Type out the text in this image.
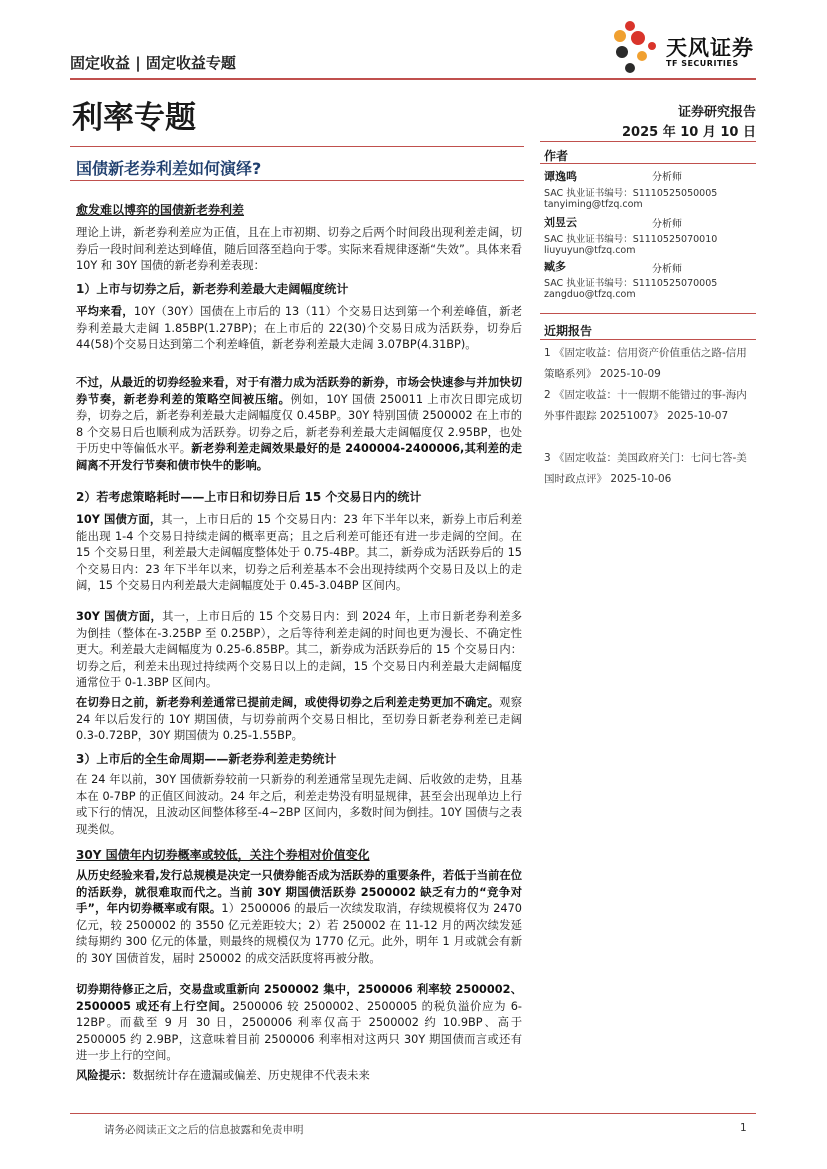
固定收益 | 固定收益专题
天风证券
TF SECURITIES
利率专题	证券研究报告
2025 年 10 月 10 日
国债新老券利差如何演绎?
作者
谭逸鸣	分析师
SAC 执业证书编号：S1110525050005
tanyiming@tfzq.com
刘昱云	分析师
SAC 执业证书编号：S1110525070010
liuyuyun@tfzq.com
臧多	分析师
SAC 执业证书编号：S1110525070005
zangduo@tfzq.com
近期报告
1 《固定收益：信用资产价值重估之路-信用策略系列》 2025-10-09
2 《固定收益：十一假期不能错过的事-海内外事件跟踪 20251007》 2025-10-07
3 《固定收益：美国政府关门：七问七答-美国时政点评》 2025-10-06
愈发难以博弈的国债新老券利差
理论上讲，新老券利差应为正值，且在上市初期、切券之后两个时间段出现利差走阔，切券后一段时间利差达到峰值，随后回落至趋向于零。实际来看规律逐渐“失效”。具体来看 10Y 和 30Y 国债的新老券利差表现：
1）上市与切券之后，新老券利差最大走阔幅度统计
平均来看，10Y（30Y）国债在上市后的 13（11）个交易日达到第一个利差峰值，新老券利差最大走阔 1.85BP(1.27BP)；在上市后的 22(30)个交易日成为活跃券，切券后 44(58)个交易日达到第二个利差峰值，新老券利差最大走阔 3.07BP(4.31BP)。
不过，从最近的切券经验来看，对于有潜力成为活跃券的新券，市场会快速参与并加快切券节奏，新老券利差的策略空间被压缩。例如，10Y 国债 250011 上市次日即完成切券，切券之后，新老券利差最大走阔幅度仅 0.45BP。30Y 特别国债 2500002 在上市的 8 个交易日后也顺利成为活跃券。切券之后，新老券利差最大走阔幅度仅 2.95BP，也处于历史中等偏低水平。新老券利差走阔效果最好的是 2400004-2400006,其利差的走阔离不开发行节奏和债市快牛的影响。
2）若考虑策略耗时——上市日和切券日后 15 个交易日内的统计
10Y 国债方面，其一，上市日后的 15 个交易日内：23 年下半年以来，新券上市后利差能出现 1-4 个交易日持续走阔的概率更高；且之后利差可能还有进一步走阔的空间。在 15 个交易日里，利差最大走阔幅度整体处于 0.75-4BP。其二，新券成为活跃券后的 15 个交易日内：23 年下半年以来，切券之后利差基本不会出现持续两个交易日及以上的走阔，15 个交易日内利差最大走阔幅度处于 0.45-3.04BP 区间内。
30Y 国债方面，其一，上市日后的 15 个交易日内：到 2024 年，上市日新老券利差多为倒挂（整体在-3.25BP 至 0.25BP），之后等待利差走阔的时间也更为漫长、不确定性更大。利差最大走阔幅度为 0.25-6.85BP。其二，新券成为活跃券后的 15 个交易日内：切券之后，利差未出现过持续两个交易日以上的走阔，15 个交易日内利差最大走阔幅度通常位于 0-1.3BP 区间内。
在切券日之前，新老券利差通常已提前走阔，或使得切券之后利差走势更加不确定。观察 24 年以后发行的 10Y 期国债，与切券前两个交易日相比，至切券日新老券利差已走阔 0.3-0.72BP，30Y 期国债为 0.25-1.55BP。
3）上市后的全生命周期——新老券利差走势统计
在 24 年以前，30Y 国债新券较前一只新券的利差通常呈现先走阔、后收敛的走势，且基本在 0-7BP 的正值区间波动。24 年之后，利差走势没有明显规律，甚至会出现单边上行或下行的情况，且波动区间整体移至-4~2BP 区间内，多数时间为倒挂。10Y 国债与之表现类似。
30Y 国债年内切券概率或较低，关注个券相对价值变化
从历史经验来看,发行总规模是决定一只债券能否成为活跃券的重要条件，若低于当前在位的活跃券，就很难取而代之。当前 30Y 期国债活跃券 2500002 缺乏有力的“竞争对手”，年内切券概率或有限。1）2500006 的最后一次续发取消，存续规模将仅为 2470 亿元，较 2500002 的 3550 亿元差距较大；2）若 250002 在 11-12 月的两次续发延续每期约 300 亿元的体量，则最终的规模仅为 1770 亿元。此外，明年 1 月或就会有新的 30Y 国债首发，届时 250002 的成交活跃度将再被分散。
切券期待修正之后，交易盘或重新向 2500002 集中，2500006 利率较 2500002、2500005 或还有上行空间。2500006 较 2500002、2500005 的税负溢价应为 6-12BP。而截至 9 月 30 日，2500006 利率仅高于 2500002 约 10.9BP、高于 2500005 约 2.9BP，这意味着目前 2500006 利率相对这两只 30Y 期国债而言或还有进一步上行的空间。
风险提示：数据统计存在遗漏或偏差、历史规律不代表未来
请务必阅读正文之后的信息披露和免责申明	1
